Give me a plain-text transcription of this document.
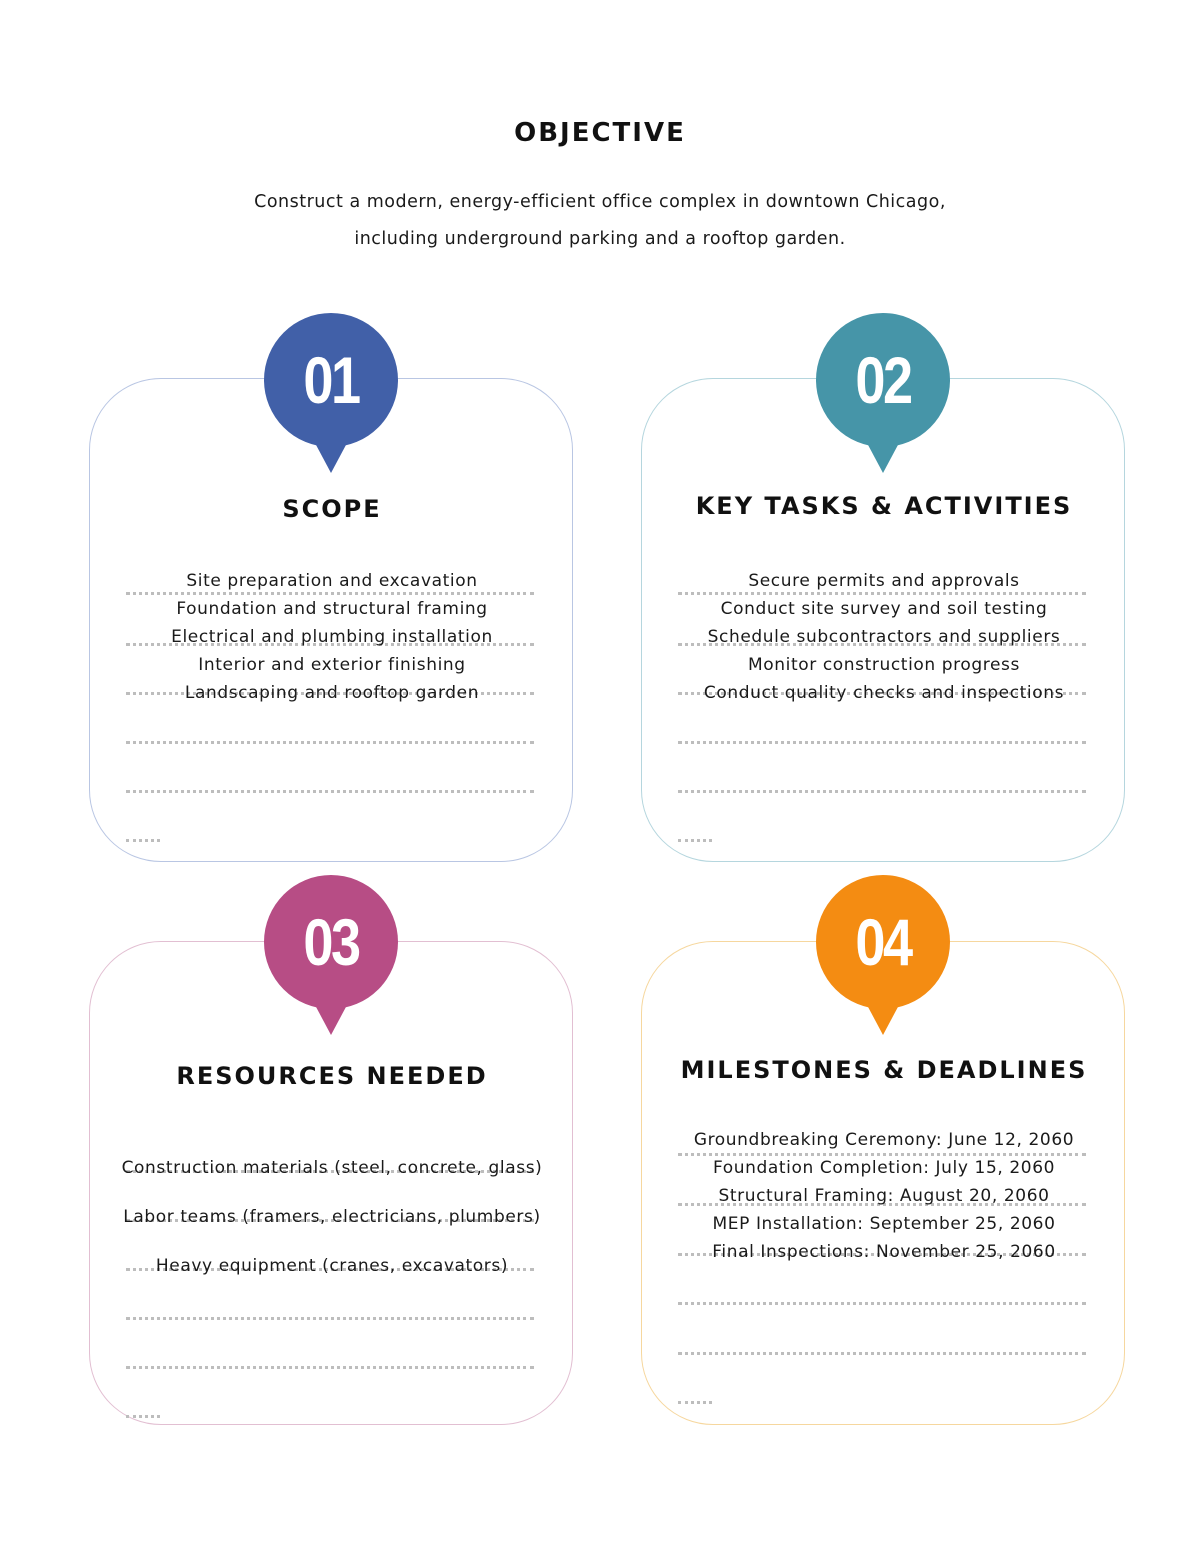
OBJECTIVE
Construct a modern, energy-efficient office complex in downtown Chicago,
including underground parking and a rooftop garden.
SCOPE
Site preparation and excavation
Foundation and structural framing
Electrical and plumbing installation
Interior and exterior finishing
Landscaping and rooftop garden
01
KEY TASKS & ACTIVITIES
Secure permits and approvals
Conduct site survey and soil testing
Schedule subcontractors and suppliers
Monitor construction progress
Conduct quality checks and inspections
02
RESOURCES NEEDED
Construction materials (steel, concrete, glass)
Labor teams (framers, electricians, plumbers)
Heavy equipment (cranes, excavators)
03
MILESTONES & DEADLINES
Groundbreaking Ceremony: June 12, 2060
Foundation Completion: July 15, 2060
Structural Framing: August 20, 2060
MEP Installation: September 25, 2060
Final Inspections: November 25, 2060
04
